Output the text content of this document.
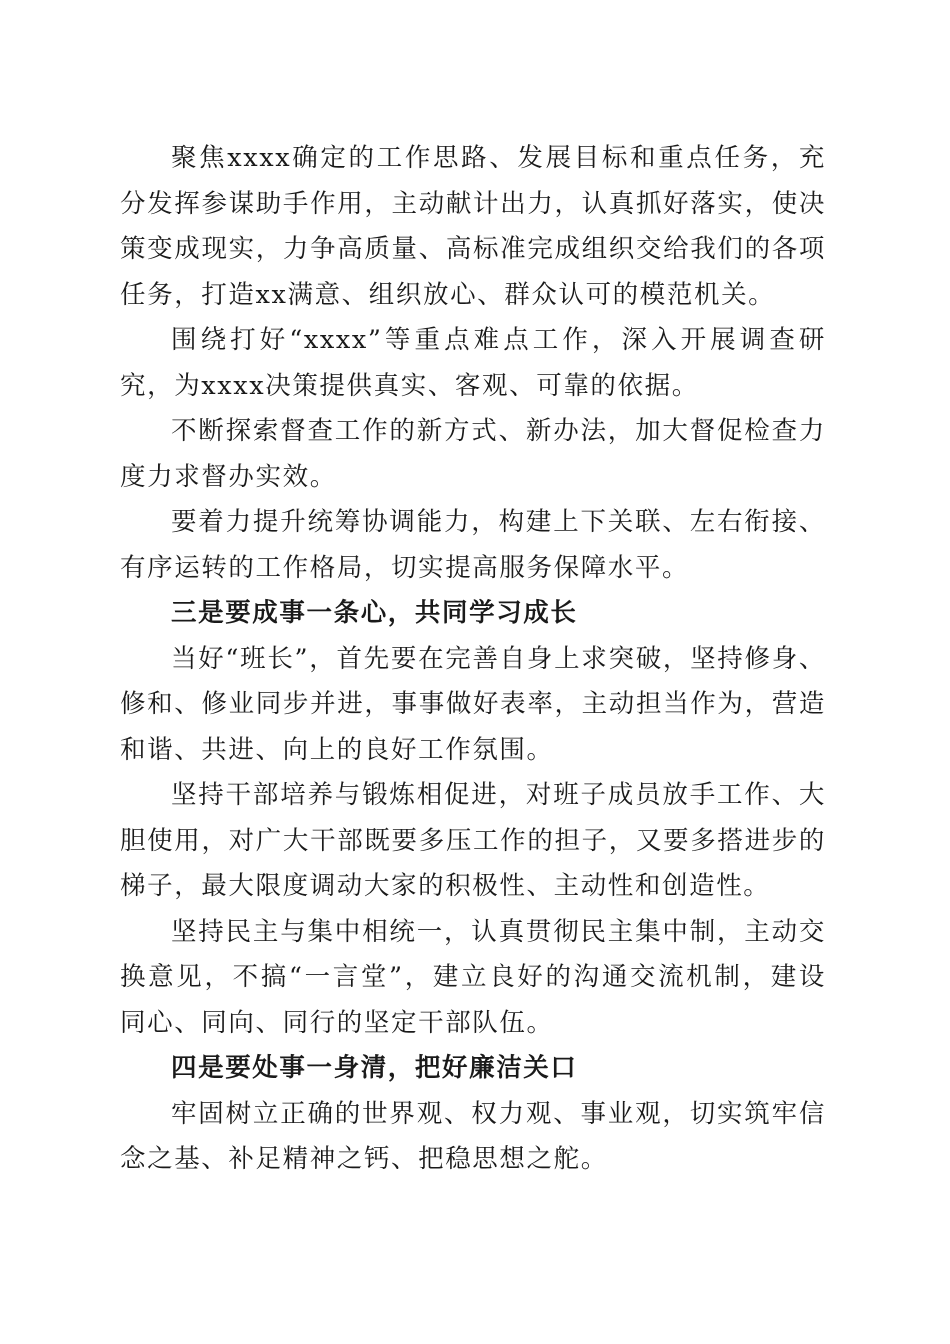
聚焦xxxx确定的工作思路、发展目标和重点任务，充分发挥参谋助手作用，主动献计出力，认真抓好落实，使决策变成现实，力争高质量、高标准完成组织交给我们的各项任务，打造xx满意、组织放心、群众认可的模范机关。

围绕打好“xxxx”等重点难点工作，深入开展调查研究，为xxxx决策提供真实、客观、可靠的依据。

不断探索督查工作的新方式、新办法，加大督促检查力度力求督办实效。

要着力提升统筹协调能力，构建上下关联、左右衔接、有序运转的工作格局，切实提高服务保障水平。

三是要成事一条心，共同学习成长

当好“班长”，首先要在完善自身上求突破，坚持修身、修和、修业同步并进，事事做好表率，主动担当作为，营造和谐、共进、向上的良好工作氛围。

坚持干部培养与锻炼相促进，对班子成员放手工作、大胆使用，对广大干部既要多压工作的担子，又要多搭进步的梯子，最大限度调动大家的积极性、主动性和创造性。

坚持民主与集中相统一，认真贯彻民主集中制，主动交换意见，不搞“一言堂”，建立良好的沟通交流机制，建设同心、同向、同行的坚定干部队伍。

四是要处事一身清，把好廉洁关口

牢固树立正确的世界观、权力观、事业观，切实筑牢信念之基、补足精神之钙、把稳思想之舵。
